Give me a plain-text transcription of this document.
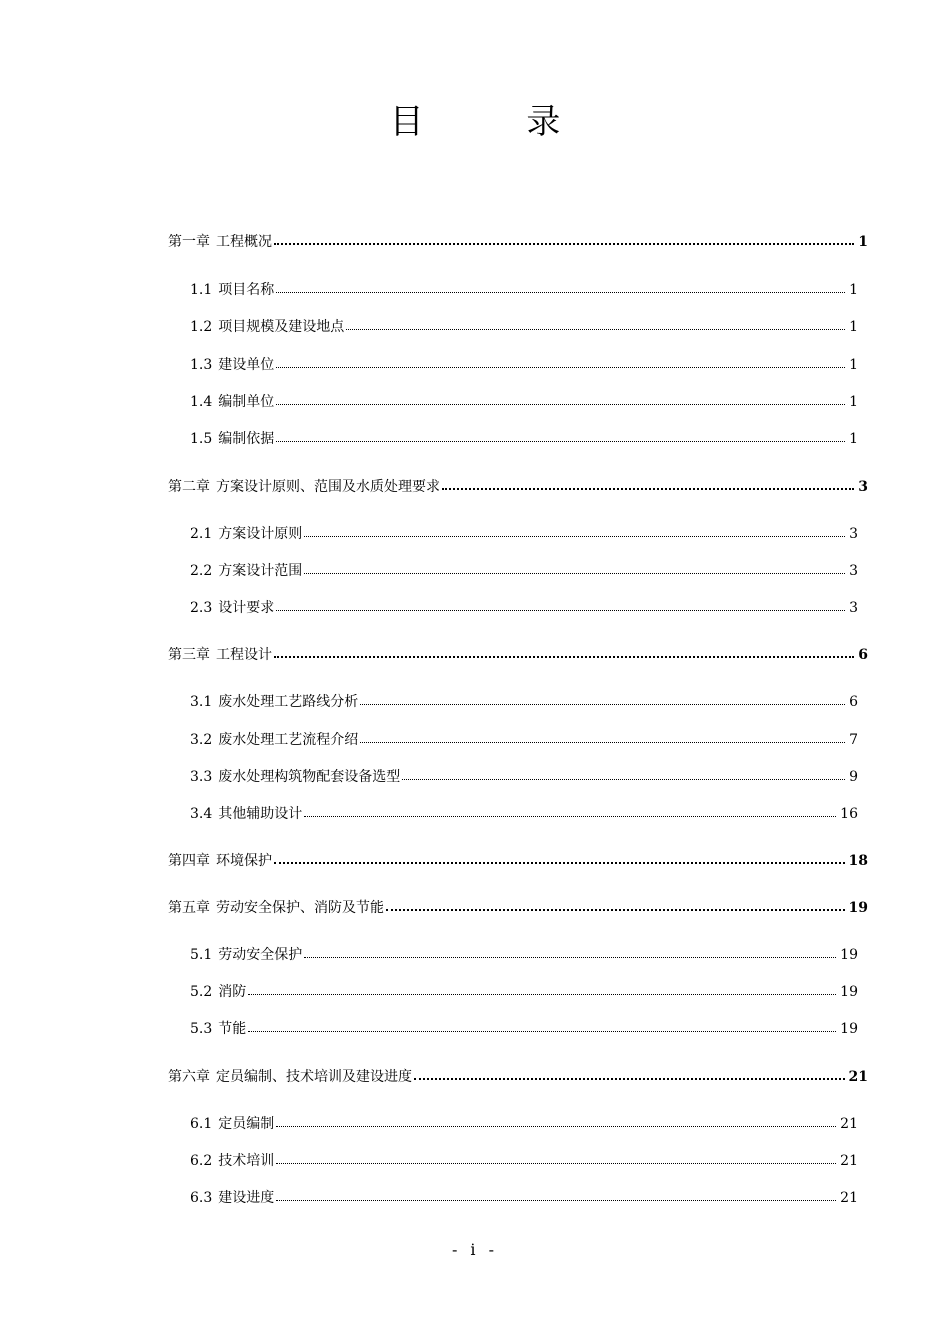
目 录
第一章 工程概况	1
1.1 项目名称	1
1.2 项目规模及建设地点	1
1.3 建设单位	1
1.4 编制单位	1
1.5 编制依据	1
第二章 方案设计原则、范围及水质处理要求	3
2.1 方案设计原则	3
2.2 方案设计范围	3
2.3 设计要求	3
第三章 工程设计	6
3.1 废水处理工艺路线分析	6
3.2 废水处理工艺流程介绍	7
3.3 废水处理构筑物配套设备选型	9
3.4 其他辅助设计	16
第四章 环境保护	18
第五章 劳动安全保护、消防及节能	19
5.1 劳动安全保护	19
5.2 消防	19
5.3 节能	19
第六章 定员编制、技术培训及建设进度	21
6.1 定员编制	21
6.2 技术培训	21
6.3 建设进度	21
- i -
